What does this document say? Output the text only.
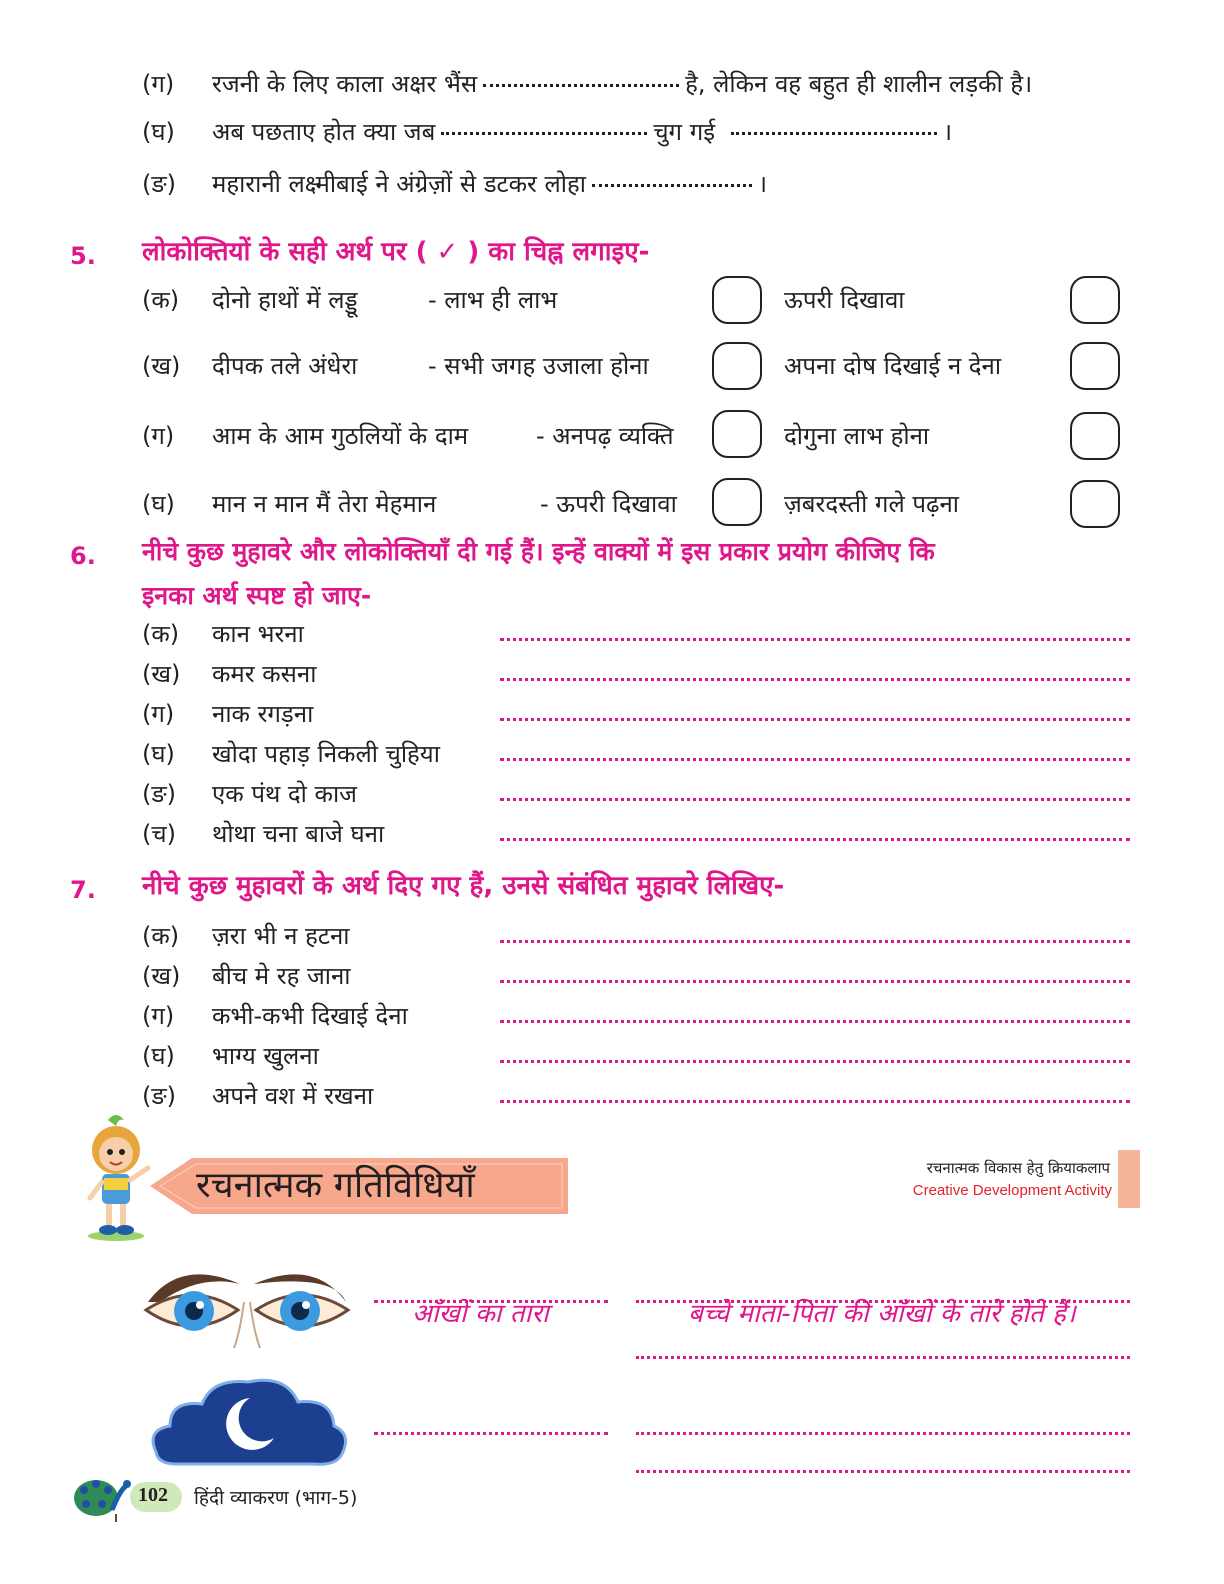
(ग) रजनी के लिए काला अक्षर भैंस	है, लेकिन वह बहुत ही शालीन लड़की है।
(घ) अब पछताए होत क्या जब	चुग गई	।
(ङ) महारानी लक्ष्मीबाई ने अंग्रेज़ों से डटकर लोहा	।
5. लोकोक्तियों के सही अर्थ पर ( ✓ ) का चिह्न लगाइए-
(क) दोनो हाथों में लड्डू	- लाभ ही लाभ	ऊपरी दिखावा
(ख) दीपक तले अंधेरा	- सभी जगह उजाला होना	अपना दोष दिखाई न देना
(ग) आम के आम गुठलियों के दाम	- अनपढ़ व्यक्ति	दोगुना लाभ होना
(घ) मान न मान मैं तेरा मेहमान	- ऊपरी दिखावा	ज़बरदस्ती गले पढ़ना
6. नीचे कुछ मुहावरे और लोकोक्तियाँ दी गई हैं। इन्हें वाक्यों में इस प्रकार प्रयोग कीजिए कि
इनका अर्थ स्पष्ट हो जाए-
(क) कान भरना
(ख) कमर कसना
(ग) नाक रगड़ना
(घ) खोदा पहाड़ निकली चुहिया
(ङ) एक पंथ दो काज
(च) थोथा चना बाजे घना
7. नीचे कुछ मुहावरों के अर्थ दिए गए हैं, उनसे संबंधित मुहावरे लिखिए-
(क) ज़रा भी न हटना
(ख) बीच मे रह जाना
(ग) कभी-कभी दिखाई देना
(घ) भाग्य खुलना
(ङ) अपने वश में रखना
रचनात्मक गतिविधियाँ	रचनात्मक विकास हेतु क्रियाकलाप
Creative Development Activity
आँखों का तारा	बच्चे माता-पिता की आँखों के तारे होते हैं।
102 हिंदी व्याकरण (भाग-5)
